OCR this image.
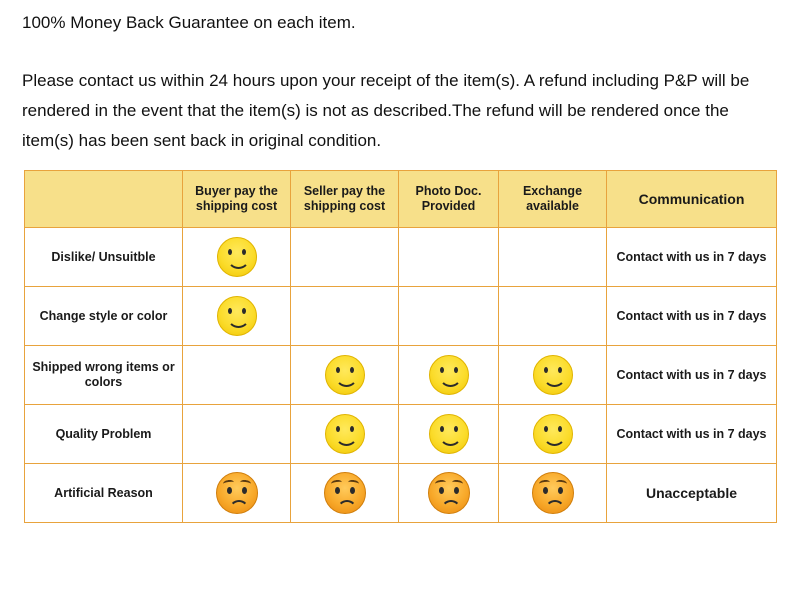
100% Money Back Guarantee on each item.

Please contact us within 24 hours upon your receipt of the item(s). A refund including P&P will be

rendered in the event that the item(s) is not as described.The refund will be rendered once the

item(s) has been sent back in original condition.

	Buyer pay the shipping cost	Seller pay the shipping cost	Photo Doc. Provided	Exchange available	Communication
Dislike/ Unsuitble					Contact with us in 7 days
Change style or color					Contact with us in 7 days
Shipped wrong items or colors					Contact with us in 7 days
Quality Problem					Contact with us in 7 days
Artificial Reason					Unacceptable
